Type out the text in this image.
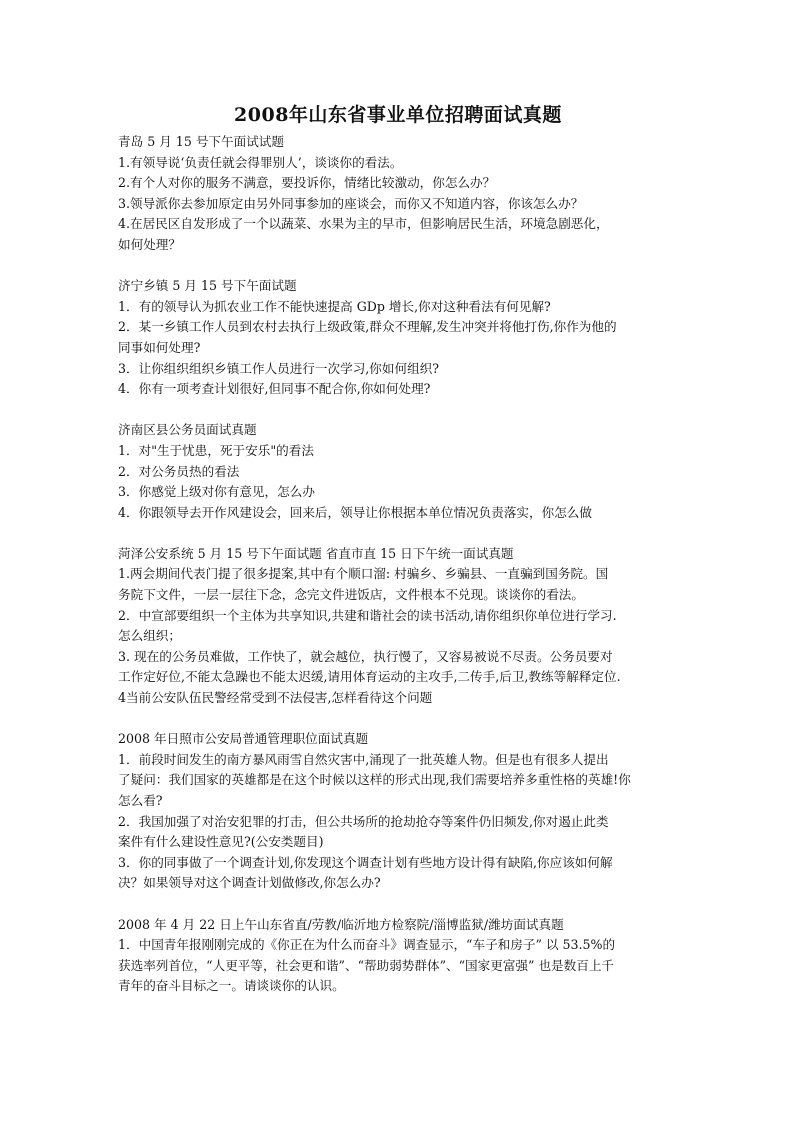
2008年山东省事业单位招聘面试真题
青岛 5 月 15 号下午面试试题
1.有领导说‘负责任就会得罪别人’，谈谈你的看法。
2.有个人对你的服务不满意，要投诉你，情绪比较激动，你怎么办？
3.领导派你去参加原定由另外同事参加的座谈会，而你又不知道内容，你该怎么办？
4.在居民区自发形成了一个以蔬菜、水果为主的早市，但影响居民生活，环境急剧恶化，
如何处理？
济宁乡镇 5 月 15 号下午面试题
1．有的领导认为抓农业工作不能快速提高 GDp 增长,你对这种看法有何见解?
2．某一乡镇工作人员到农村去执行上级政策,群众不理解,发生冲突并将他打伤,你作为他的
同事如何处理?
3．让你组织组织乡镇工作人员进行一次学习,你如何组织?
4．你有一项考查计划很好,但同事不配合你,你如何处理?
济南区县公务员面试真题
1．对"生于忧患，死于安乐"的看法
2．对公务员热的看法
3．你感觉上级对你有意见，怎么办
4．你跟领导去开作风建设会，回来后，领导让你根据本单位情况负责落实，你怎么做
菏泽公安系统 5 月 15 号下午面试题 省直市直 15 日下午统一面试真题
1.两会期间代表门提了很多提案,其中有个顺口溜: 村骗乡、乡骗县、一直骗到国务院。国
务院下文件，一层一层往下念，念完文件进饭店，文件根本不兑现。谈谈你的看法。
2．中宣部要组织一个主体为共享知识,共建和谐社会的读书活动,请你组织你单位进行学习.
怎么组织；
3. 现在的公务员难做，工作快了，就会越位，执行慢了，又容易被说不尽责。公务员要对
工作定好位,不能太急躁也不能太迟缓,请用体育运动的主攻手,二传手,后卫,教练等解释定位.
4当前公安队伍民警经常受到不法侵害,怎样看待这个问题
2008 年日照市公安局普通管理职位面试真题
1．前段时间发生的南方暴风雨雪自然灾害中,涌现了一批英雄人物。但是也有很多人提出
了疑问：我们国家的英雄都是在这个时候以这样的形式出现,我们需要培养多重性格的英雄!你
怎么看?
2．我国加强了对治安犯罪的打击，但公共场所的抢劫抢夺等案件仍旧频发,你对遏止此类
案件有什么建设性意见?(公安类题目)
3．你的同事做了一个调查计划,你发现这个调查计划有些地方设计得有缺陷,你应该如何解
决？如果领导对这个调查计划做修改,你怎么办?
2008 年 4 月 22 日上午山东省直/劳教/临沂地方检察院/淄博监狱/潍坊面试真题
1．中国青年报刚刚完成的《你正在为什么而奋斗》调查显示，“车子和房子” 以 53.5%的
获选率列首位，“人更平等，社会更和谐”、“帮助弱势群体”、“国家更富强” 也是数百上千
青年的奋斗目标之一。请谈谈你的认识。
